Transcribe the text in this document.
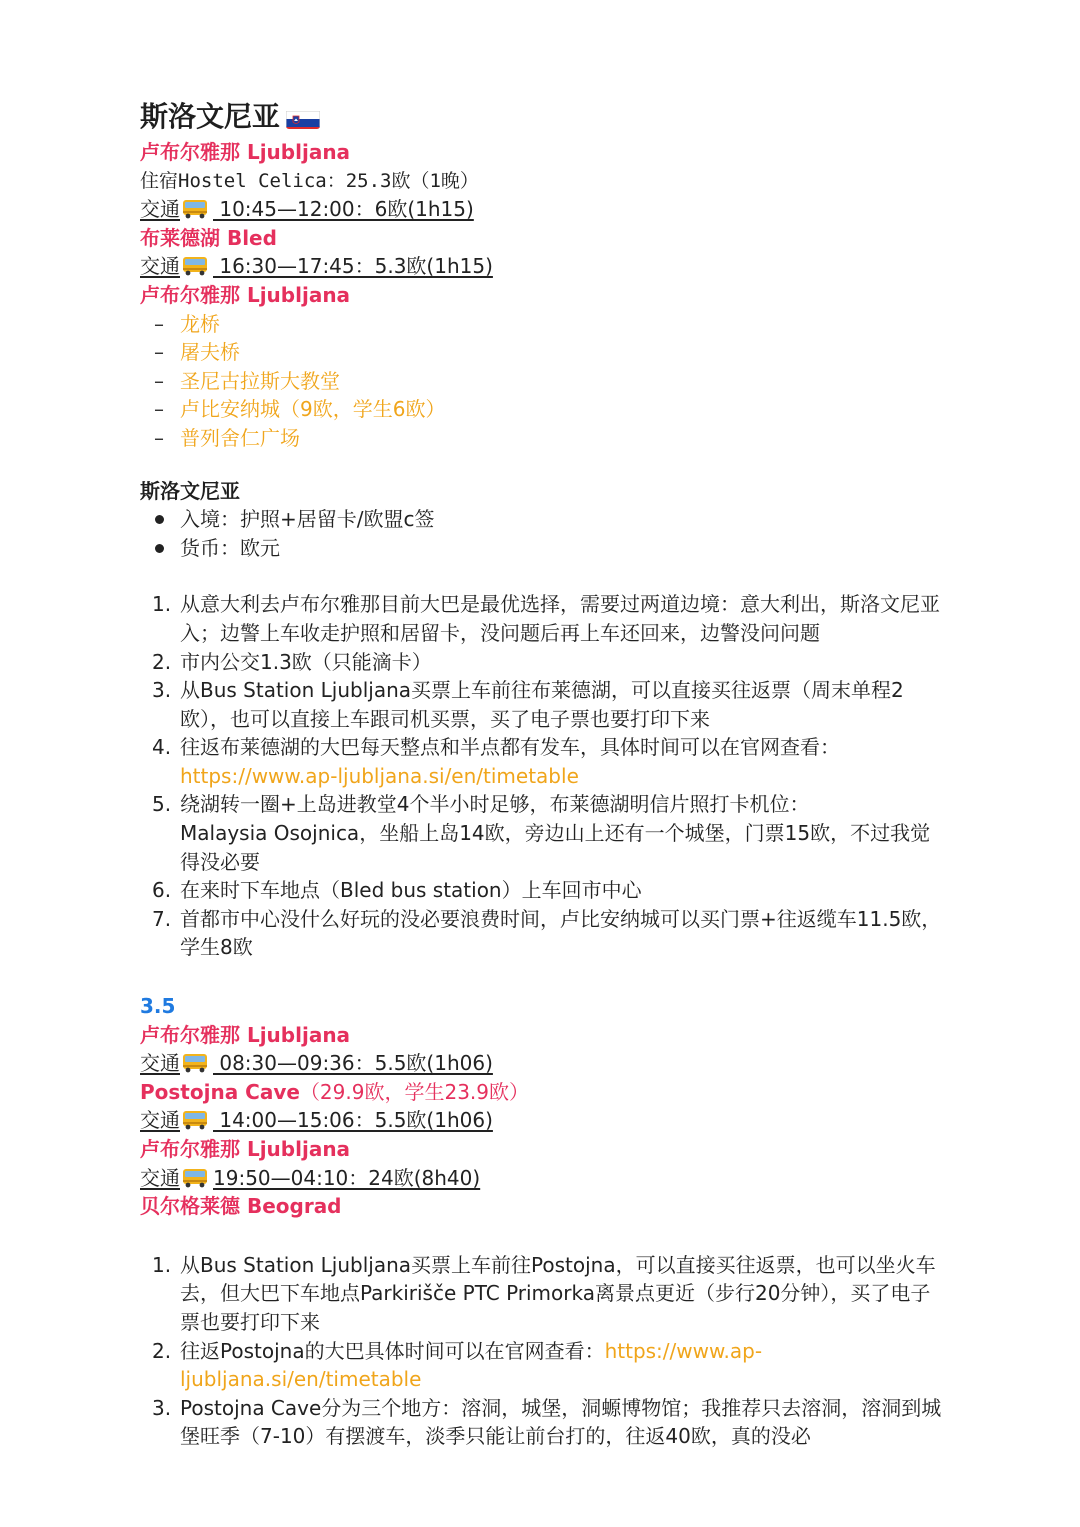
斯洛文尼亚
卢布尔雅那 Ljubljana
住宿Hostel Celica：25.3欧（1晚）
交通 10:45—12:00：6欧(1h15)
布莱德湖 Bled
交通 16:30—17:45：5.3欧(1h15)
卢布尔雅那 Ljubljana
– 龙桥
– 屠夫桥
– 圣尼古拉斯大教堂
– 卢比安纳城（9欧，学生6欧）
– 普列舍仁广场
斯洛文尼亚
入境：护照+居留卡/欧盟c签
货币：欧元
1. 从意大利去卢布尔雅那目前大巴是最优选择，需要过两道边境：意大利出，斯洛文尼亚入；边警上车收走护照和居留卡，没问题后再上车还回来，边警没问问题
2. 市内公交1.3欧（只能滴卡）
3. 从Bus Station Ljubljana买票上车前往布莱德湖，可以直接买往返票（周末单程2欧），也可以直接上车跟司机买票，买了电子票也要打印下来
4. 往返布莱德湖的大巴每天整点和半点都有发车，具体时间可以在官网查看：
https://www.ap-ljubljana.si/en/timetable
5. 绕湖转一圈+上岛进教堂4个半小时足够，布莱德湖明信片照打卡机位：
Malaysia Osojnica，坐船上岛14欧，旁边山上还有一个城堡，门票15欧，不过我觉得没必要
6. 在来时下车地点（Bled bus station）上车回市中心
7. 首都市中心没什么好玩的没必要浪费时间，卢比安纳城可以买门票+往返缆车11.5欧，学生8欧
3.5
卢布尔雅那 Ljubljana
交通 08:30—09:36：5.5欧(1h06)
Postojna Cave（29.9欧，学生23.9欧）
交通 14:00—15:06：5.5欧(1h06)
卢布尔雅那 Ljubljana
交通 19:50—04:10：24欧(8h40)
贝尔格莱德 Beograd
1. 从Bus Station Ljubljana买票上车前往Postojna，可以直接买往返票，也可以坐火车去，但大巴下车地点Parkirišče PTC Primorka离景点更近（步行20分钟），买了电子票也要打印下来
2. 往返Postojna的大巴具体时间可以在官网查看：https://www.ap-ljubljana.si/en/timetable
3. Postojna Cave分为三个地方：溶洞，城堡，洞螈博物馆；我推荐只去溶洞，溶洞到城堡旺季（7-10）有摆渡车，淡季只能让前台打的，往返40欧，真的没必
